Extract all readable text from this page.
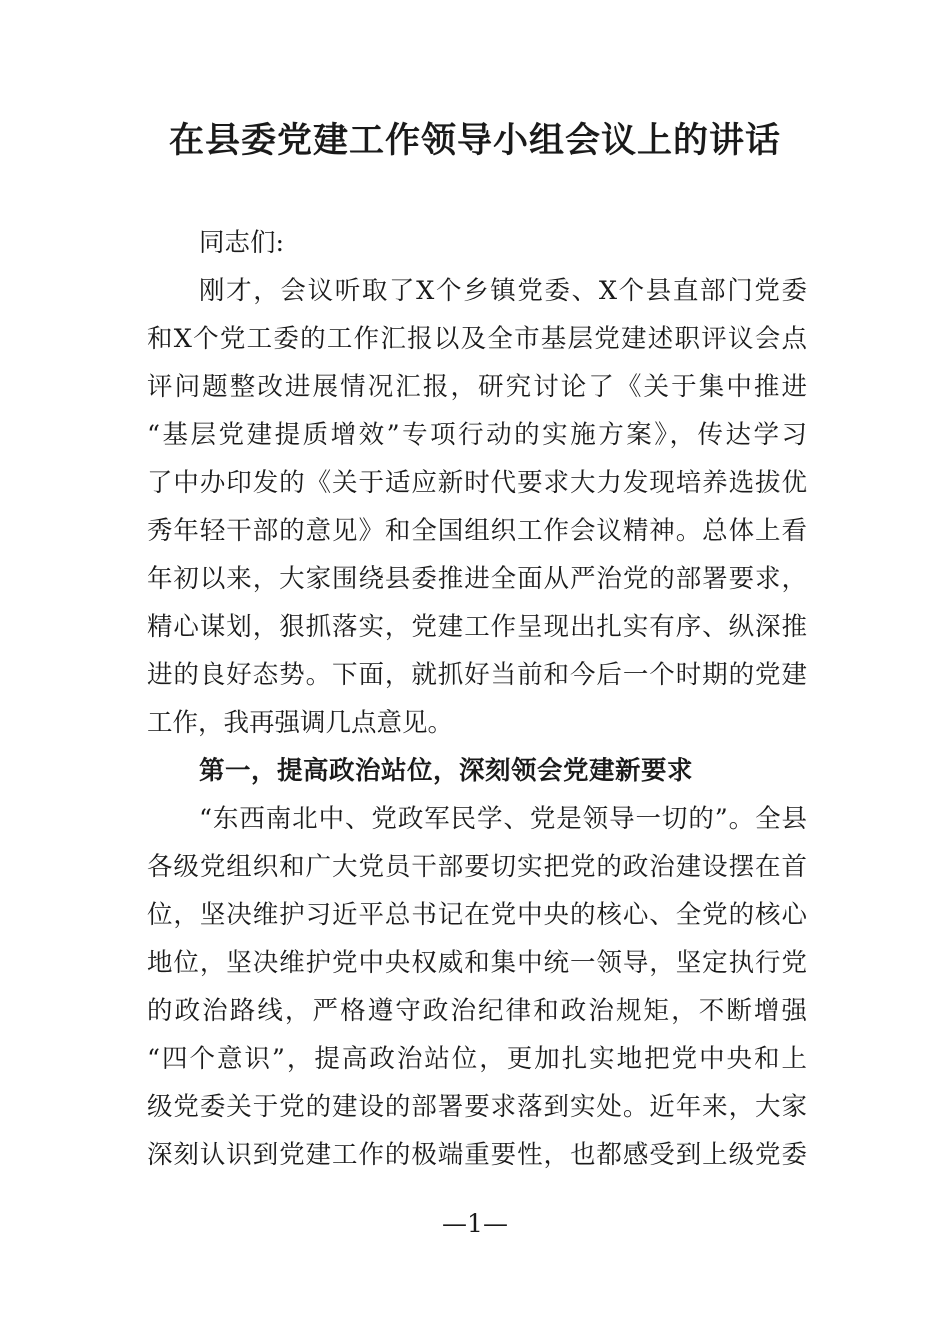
在县委党建工作领导小组会议上的讲话
同志们:
刚才，会议听取了X个乡镇党委、X个县直部门党委
和X个党工委的工作汇报以及全市基层党建述职评议会点
评问题整改进展情况汇报，研究讨论了《关于集中推进
“基层党建提质增效”专项行动的实施方案》，传达学习
了中办印发的《关于适应新时代要求大力发现培养选拔优
秀年轻干部的意见》和全国组织工作会议精神。总体上看
年初以来，大家围绕县委推进全面从严治党的部署要求，
精心谋划，狠抓落实，党建工作呈现出扎实有序、纵深推
进的良好态势。下面，就抓好当前和今后一个时期的党建
工作，我再强调几点意见。
第一，提高政治站位，深刻领会党建新要求
“东西南北中、党政军民学、党是领导一切的”。全县
各级党组织和广大党员干部要切实把党的政治建设摆在首
位，坚决维护习近平总书记在党中央的核心、全党的核心
地位，坚决维护党中央权威和集中统一领导，坚定执行党
的政治路线，严格遵守政治纪律和政治规矩，不断增强
“四个意识”，提高政治站位，更加扎实地把党中央和上
级党委关于党的建设的部署要求落到实处。近年来，大家
深刻认识到党建工作的极端重要性，也都感受到上级党委
—1—
